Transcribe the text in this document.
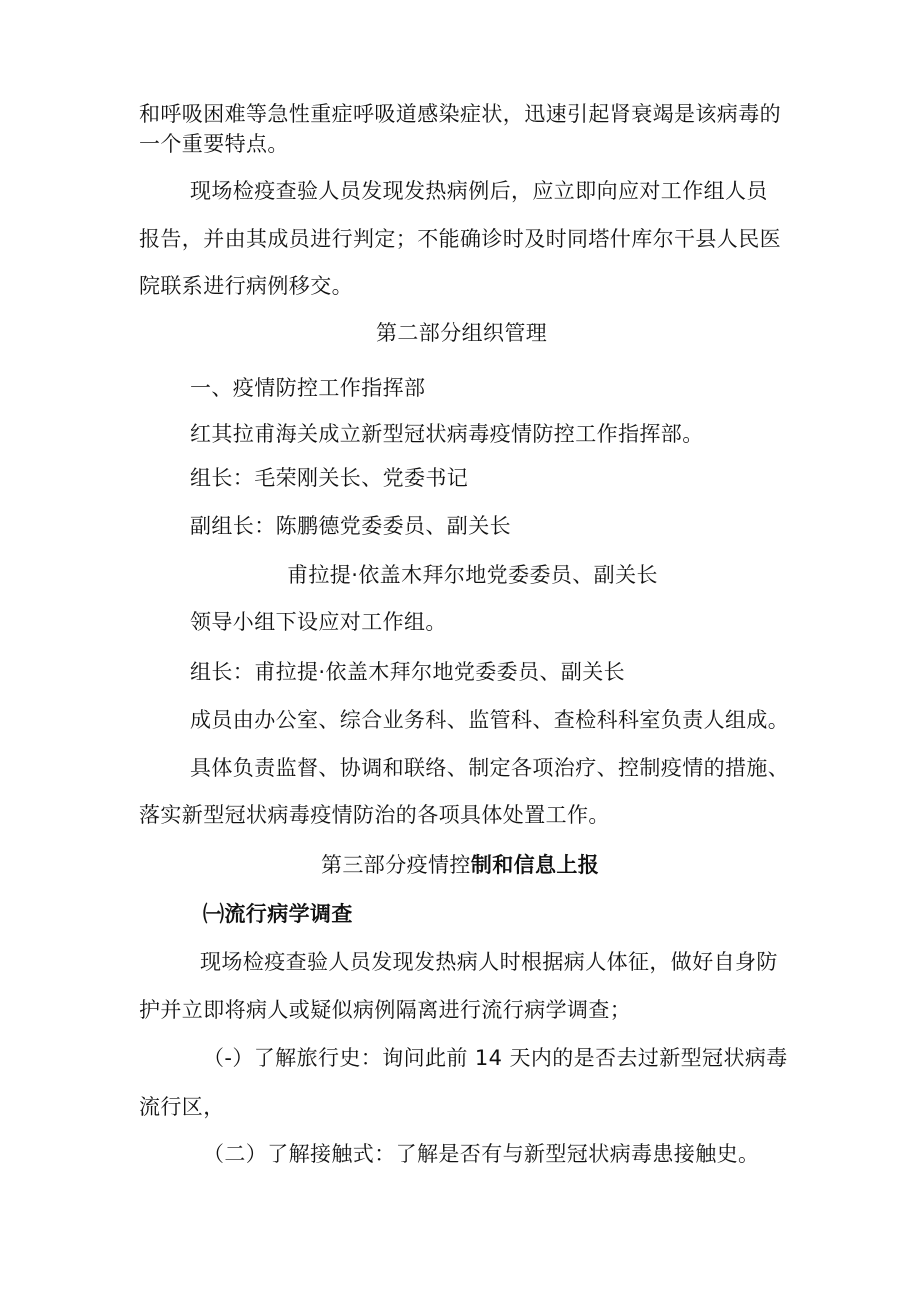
和呼吸困难等急性重症呼吸道感染症状，迅速引起肾衰竭是该病毒的
一个重要特点。
现场检疫查验人员发现发热病例后，应立即向应对工作组人员
报告，并由其成员进行判定；不能确诊时及时同塔什库尔干县人民医
院联系进行病例移交。
第二部分组织管理
一、疫情防控工作指挥部
红其拉甫海关成立新型冠状病毒疫情防控工作指挥部。
组长：毛荣刚关长、党委书记
副组长：陈鹏德党委委员、副关长
甫拉提·依盖木拜尔地党委委员、副关长
领导小组下设应对工作组。
组长：甫拉提·依盖木拜尔地党委委员、副关长
成员由办公室、综合业务科、监管科、查检科科室负责人组成。
具体负责监督、协调和联络、制定各项治疗、控制疫情的措施、
落实新型冠状病毒疫情防治的各项具体处置工作。
第三部分疫情控制和信息上报
㈠流行病学调查
现场检疫查验人员发现发热病人时根据病人体征，做好自身防
护并立即将病人或疑似病例隔离进行流行病学调查；
（-）了解旅行史：询问此前 14 天内的是否去过新型冠状病毒
流行区，
（二）了解接触式：了解是否有与新型冠状病毒患接触史。
